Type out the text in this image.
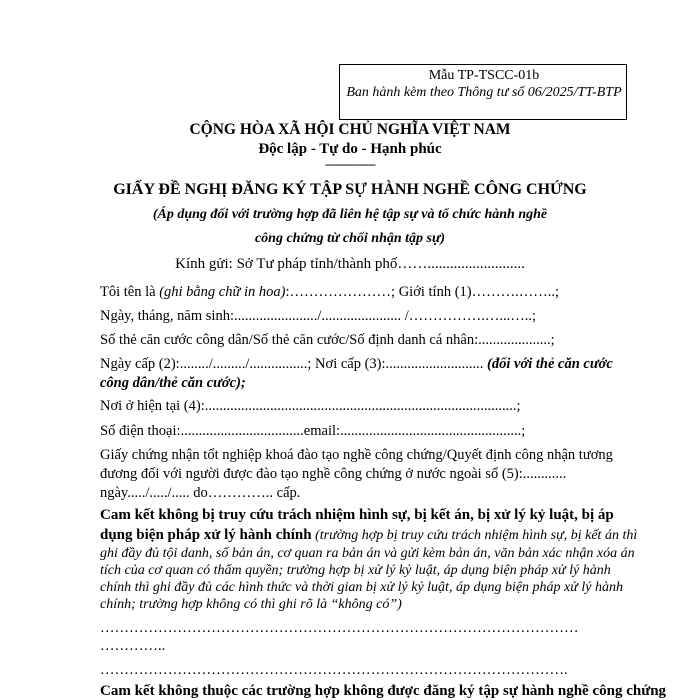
Mẫu TP-TSCC-01b
Ban hành kèm theo Thông tư số 06/2025/TT-BTP
CỘNG HÒA XÃ HỘI CHỦ NGHĨA VIỆT NAM
Độc lập - Tự do - Hạnh phúc
---------------
GIẤY ĐỀ NGHỊ ĐĂNG KÝ TẬP SỰ HÀNH NGHỀ CÔNG CHỨNG
(Áp dụng đối với trường hợp đã liên hệ tập sự và tổ chức hành nghề
công chứng từ chối nhận tập sự)
Kính gửi: Sở Tư pháp tỉnh/thành phố……..........................
Tôi tên là (ghi bằng chữ in hoa):…………………; Giới tính (1)……….……..;
Ngày, tháng, năm sinh:......................./...................... /…………….…...…..;
Số thẻ căn cước công dân/Số thẻ căn cước/Số định danh cá nhân:....................;
Ngày cấp (2):......../........./................; Nơi cấp (3):........................... (đối với thẻ căn cước công dân/thẻ căn cước);
Nơi ở hiện tại (4):......................................................................................;
Số điện thoại:..................................email:..................................................;
Giấy chứng nhận tốt nghiệp khoá đào tạo nghề công chứng/Quyết định công nhận tương đương đối với người được đào tạo nghề công chứng ở nước ngoài số (5):............ ngày...../...../..... do………….. cấp.
Cam kết không bị truy cứu trách nhiệm hình sự, bị kết án, bị xử lý kỷ luật, bị áp dụng biện pháp xử lý hành chính (trường hợp bị truy cứu trách nhiệm hình sự, bị kết án thì ghi đầy đủ tội danh, số bản án, cơ quan ra bản án và gửi kèm bản án, văn bản xác nhận xóa án tích của cơ quan có thẩm quyền; trường hợp bị xử lý kỷ luật, áp dụng biện pháp xử lý hành chính thì ghi đầy đủ các hình thức và thời gian bị xử lý kỷ luật, áp dụng biện pháp xử lý hành chính; trường hợp không có thì ghi rõ là “không có”)
………………………………………………………………………………………
…………..
…………………………………………………………………………………….
Cam kết không thuộc các trường hợp không được đăng ký tập sự hành nghề công chứng
